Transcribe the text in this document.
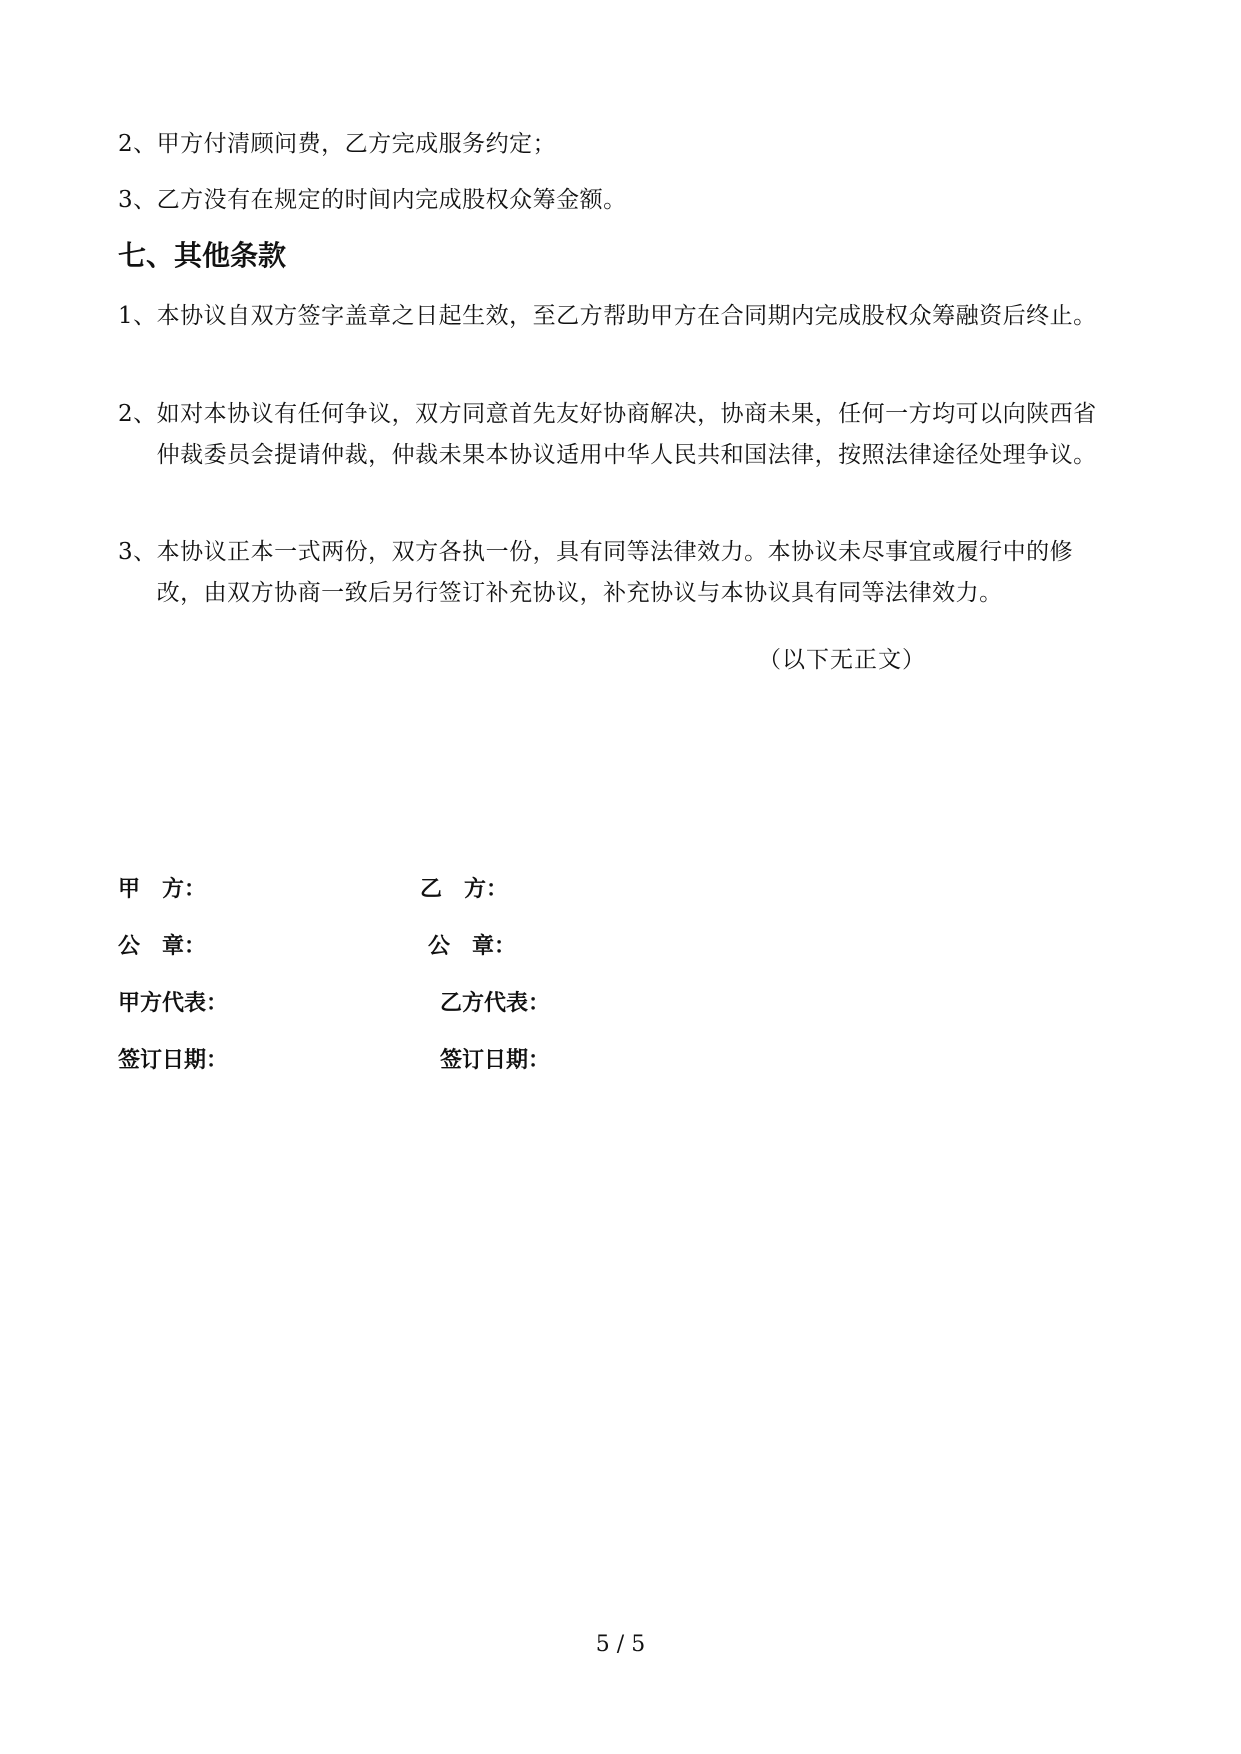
2、 甲方付清顾问费，乙方完成服务约定；
3、 乙方没有在规定的时间内完成股权众筹金额。
七、其他条款
1、 本协议自双方签字盖章之日起生效，至乙方帮助甲方在合同期内完成股权众筹融资后终止。
2、 如对本协议有任何争议，双方同意首先友好协商解决，协商未果，任何一方均可以向陕西省仲裁委员会提请仲裁，仲裁未果本协议适用中华人民共和国法律，按照法律途径处理争议。
3、 本协议正本一式两份，双方各执一份，具有同等法律效力。本协议未尽事宜或履行中的修改，由双方协商一致后另行签订补充协议，补充协议与本协议具有同等法律效力。
（以下无正文）
甲　方：	乙　方：
公　章：	公　章：
甲方代表：	乙方代表：
签订日期：	签订日期：
5 / 5
